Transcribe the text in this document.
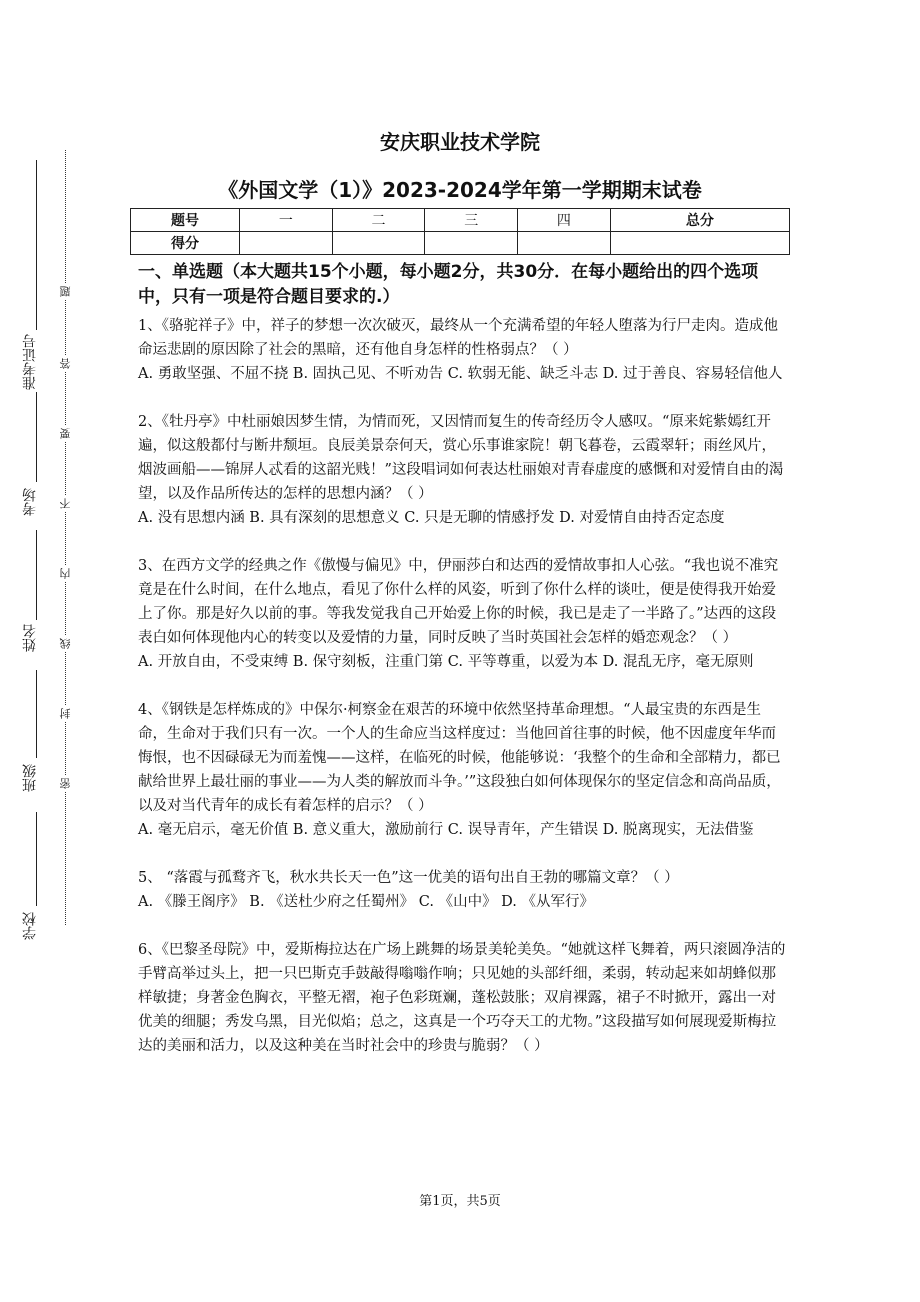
准考证号
考场
姓名
班级
学校
题
答
要
不
内
线
封
密
安庆职业技术学院
《外国文学（1）》2023-2024学年第一学期期末试卷
题号	一	二	三	四	总分
得分					

一、单选题（本大题共15个小题，每小题2分，共30分．在每小题给出的四个选项中，只有一项是符合题目要求的.）

1、《骆驼祥子》中，祥子的梦想一次次破灭，最终从一个充满希望的年轻人堕落为行尸走肉。造成他命运悲剧的原因除了社会的黑暗，还有他自身怎样的性格弱点？（ ）

A. 勇敢坚强、不屈不挠 B. 固执己见、不听劝告 C. 软弱无能、缺乏斗志 D. 过于善良、容易轻信他人

2、《牡丹亭》中杜丽娘因梦生情，为情而死，又因情而复生的传奇经历令人感叹。“原来姹紫嫣红开遍，似这般都付与断井颓垣。良辰美景奈何天，赏心乐事谁家院！朝飞暮卷，云霞翠轩；雨丝风片，烟波画船——锦屏人忒看的这韶光贱！”这段唱词如何表达杜丽娘对青春虚度的感慨和对爱情自由的渴望，以及作品所传达的怎样的思想内涵？（ ）

A. 没有思想内涵 B. 具有深刻的思想意义 C. 只是无聊的情感抒发 D. 对爱情自由持否定态度

3、在西方文学的经典之作《傲慢与偏见》中，伊丽莎白和达西的爱情故事扣人心弦。“我也说不准究竟是在什么时间，在什么地点，看见了你什么样的风姿，听到了你什么样的谈吐，便是使得我开始爱上了你。那是好久以前的事。等我发觉我自己开始爱上你的时候，我已是走了一半路了。”达西的这段表白如何体现他内心的转变以及爱情的力量，同时反映了当时英国社会怎样的婚恋观念？（ ）

A. 开放自由，不受束缚 B. 保守刻板，注重门第 C. 平等尊重，以爱为本 D. 混乱无序，毫无原则

4、《钢铁是怎样炼成的》中保尔·柯察金在艰苦的环境中依然坚持革命理想。“人最宝贵的东西是生命，生命对于我们只有一次。一个人的生命应当这样度过：当他回首往事的时候，他不因虚度年华而悔恨，也不因碌碌无为而羞愧——这样，在临死的时候，他能够说：‘我整个的生命和全部精力，都已献给世界上最壮丽的事业——为人类的解放而斗争。’”这段独白如何体现保尔的坚定信念和高尚品质，以及对当代青年的成长有着怎样的启示？（ ）

A. 毫无启示，毫无价值 B. 意义重大，激励前行 C. 误导青年，产生错误 D. 脱离现实，无法借鉴

5、 “落霞与孤鹜齐飞，秋水共长天一色”这一优美的语句出自王勃的哪篇文章？（ ）

A. 《滕王阁序》 B. 《送杜少府之任蜀州》 C. 《山中》 D. 《从军行》

6、《巴黎圣母院》中，爱斯梅拉达在广场上跳舞的场景美轮美奂。“她就这样飞舞着，两只滚圆净洁的手臂高举过头上，把一只巴斯克手鼓敲得嗡嗡作响；只见她的头部纤细，柔弱，转动起来如胡蜂似那样敏捷；身著金色胸衣，平整无褶，袍子色彩斑斓，蓬松鼓胀；双肩裸露，裙子不时掀开，露出一对优美的细腿；秀发乌黑，目光似焰；总之，这真是一个巧夺天工的尤物。”这段描写如何展现爱斯梅拉达的美丽和活力，以及这种美在当时社会中的珍贵与脆弱？（ ）

第1页，共5页
